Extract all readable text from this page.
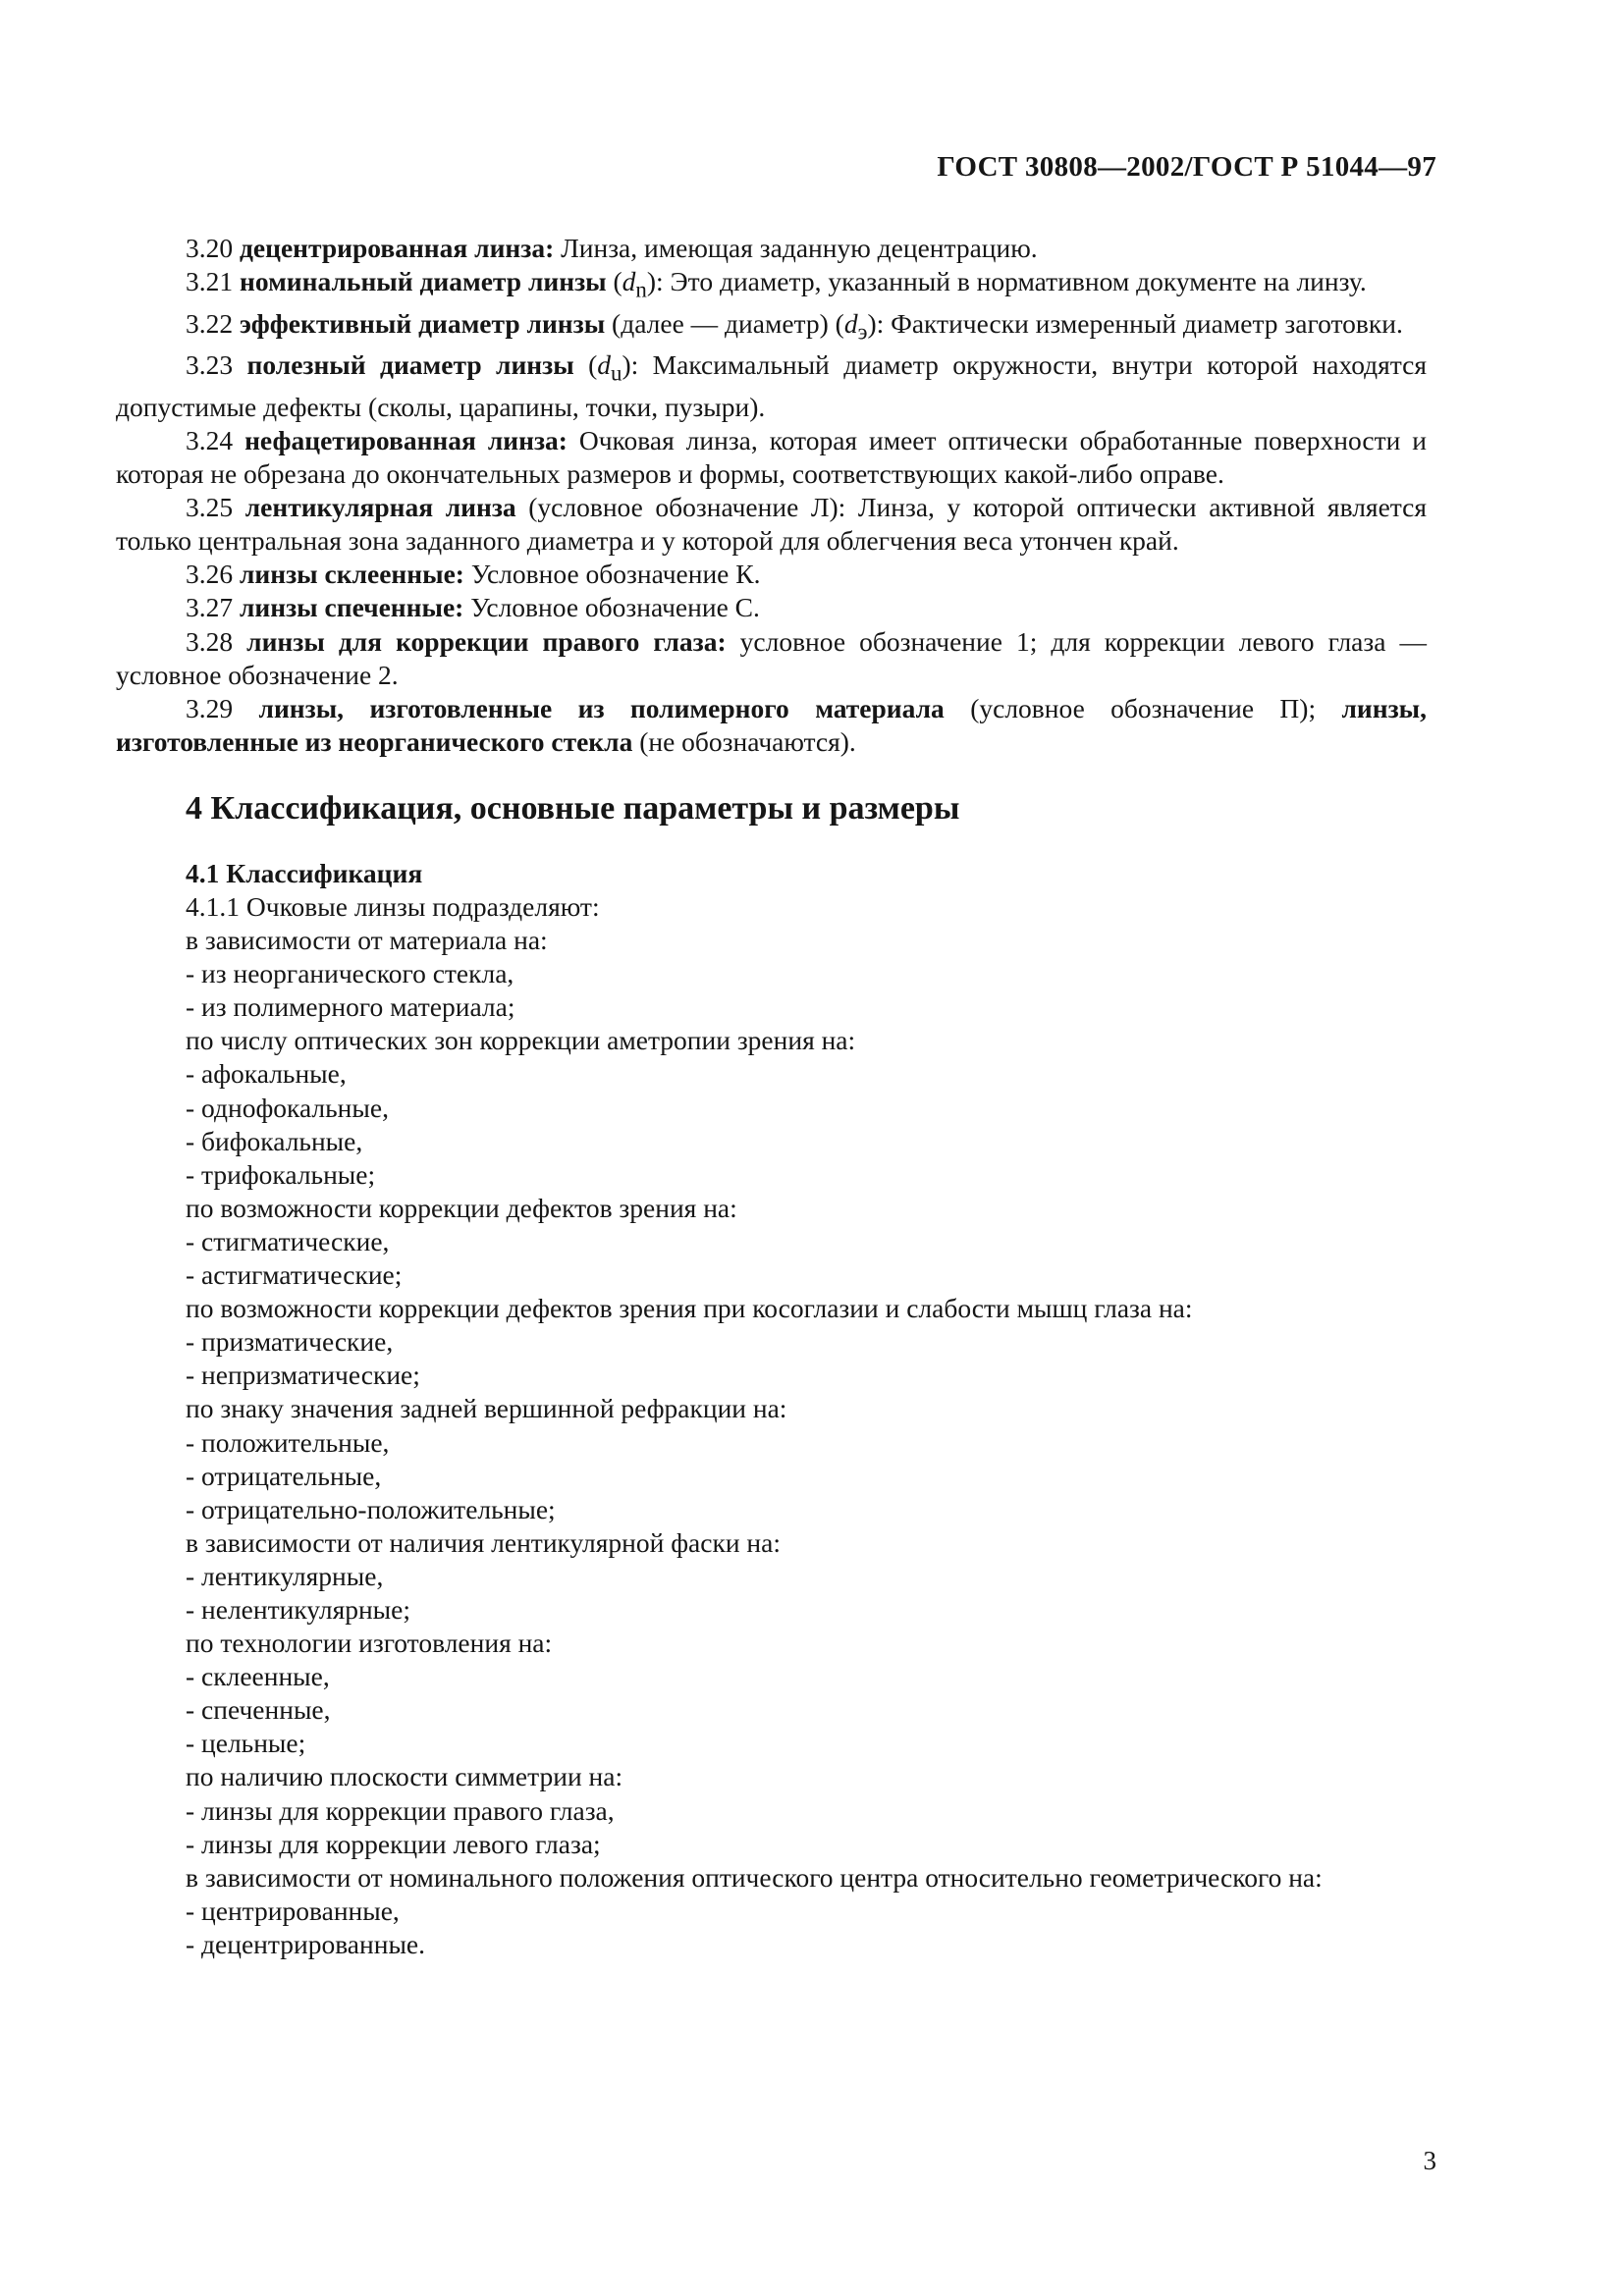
ГОСТ 30808—2002/ГОСТ Р 51044—97

3.20 децентрированная линза: Линза, имеющая заданную децентрацию.

3.21 номинальный диаметр линзы $(d_n)$: Это диаметр, указанный в нормативном документе на линзу.

3.22 эффективный диаметр линзы (далее — диаметр) $(d_э)$: Фактически измеренный диаметр заготовки.

3.23 полезный диаметр линзы $(d_u)$: Максимальный диаметр окружности, внутри которой находятся допустимые дефекты (сколы, царапины, точки, пузыри).

3.24 нефацетированная линза: Очковая линза, которая имеет оптически обработанные поверхности и которая не обрезана до окончательных размеров и формы, соответствующих какой-либо оправе.

3.25 лентикулярная линза (условное обозначение Л): Линза, у которой оптически активной является только центральная зона заданного диаметра и у которой для облегчения веса утончен край.

3.26 линзы склеенные: Условное обозначение К.

3.27 линзы спеченные: Условное обозначение С.

3.28 линзы для коррекции правого глаза: условное обозначение 1; для коррекции левого глаза — условное обозначение 2.

3.29 линзы, изготовленные из полимерного материала (условное обозначение П); линзы, изготовленные из неорганического стекла (не обозначаются).

4 Классификация, основные параметры и размеры
4.1 Классификация

4.1.1 Очковые линзы подразделяют:

в зависимости от материала на:

- из неорганического стекла,

- из полимерного материала;

по числу оптических зон коррекции аметропии зрения на:

- афокальные,

- однофокальные,

- бифокальные,

- трифокальные;

по возможности коррекции дефектов зрения на:

- стигматические,

- астигматические;

по возможности коррекции дефектов зрения при косоглазии и слабости мышц глаза на:

- призматические,

- непризматические;

по знаку значения задней вершинной рефракции на:

- положительные,

- отрицательные,

- отрицательно-положительные;

в зависимости от наличия лентикулярной фаски на:

- лентикулярные,

- нелентикулярные;

по технологии изготовления на:

- склеенные,

- спеченные,

- цельные;

по наличию плоскости симметрии на:

- линзы для коррекции правого глаза,

- линзы для коррекции левого глаза;

в зависимости от номинального положения оптического центра относительно геометрического на:

- центрированные,

- децентрированные.

3
